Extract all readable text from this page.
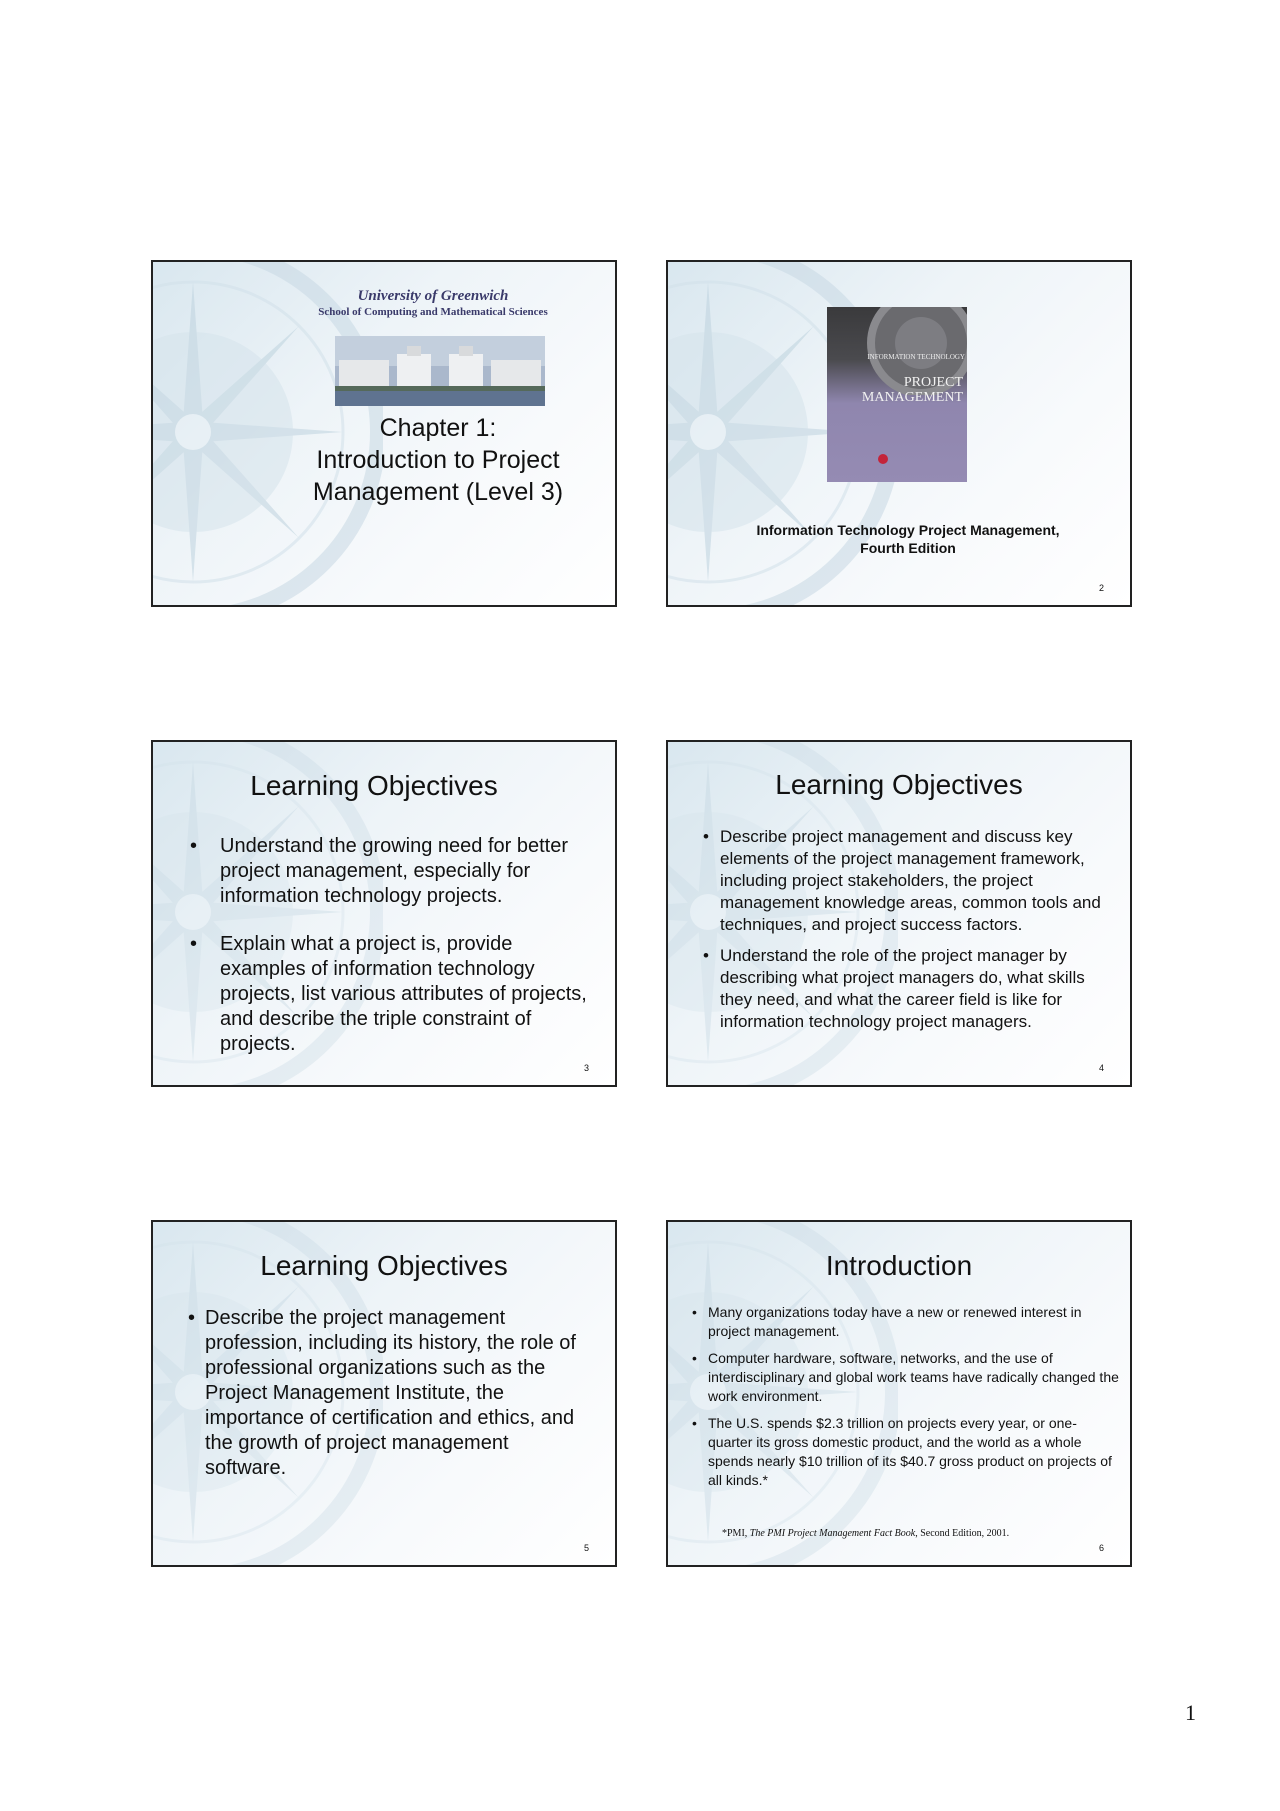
University of Greenwich
School of Computing and Mathematical Sciences
Chapter 1:
Introduction to Project
Management (Level 3)
INFORMATION TECHNOLOGY
PROJECT
MANAGEMENT
Information Technology Project Management,
Fourth Edition
2
Learning Objectives
• Understand the growing need for better project management, especially for information technology projects.
• Explain what a project is, provide examples of information technology projects, list various attributes of projects, and describe the triple constraint of projects.
3
Learning Objectives
• Describe project management and discuss key elements of the project management framework, including project stakeholders, the project management knowledge areas, common tools and techniques, and project success factors.
• Understand the role of the project manager by describing what project managers do, what skills they need, and what the career field is like for information technology project managers.
4
Learning Objectives
• Describe the project management profession, including its history, the role of professional organizations such as the Project Management Institute, the importance of certification and ethics, and the growth of project management software.
5
Introduction
• Many organizations today have a new or renewed interest in project management.
• Computer hardware, software, networks, and the use of interdisciplinary and global work teams have radically changed the work environment.
• The U.S. spends $2.3 trillion on projects every year, or one-quarter its gross domestic product, and the world as a whole spends nearly $10 trillion of its $40.7 gross product on projects of all kinds.*
*PMI, The PMI Project Management Fact Book, Second Edition, 2001.
6
1
